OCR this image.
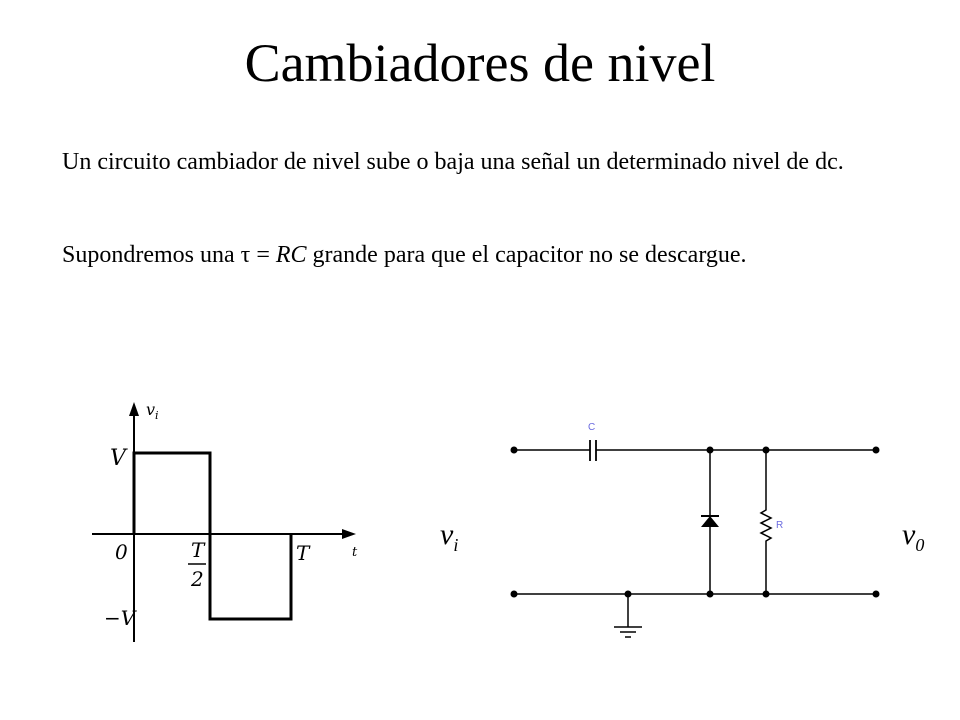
Cambiadores de nivel
Un circuito cambiador de nivel sube o baja una señal un determinado nivel de dc.
Supondremos una τ = RC grande para que el capacitor no se descargue.
$v_i$
V
0	T
2
T	t
−V
C
R
$v_i$	$v_0$
